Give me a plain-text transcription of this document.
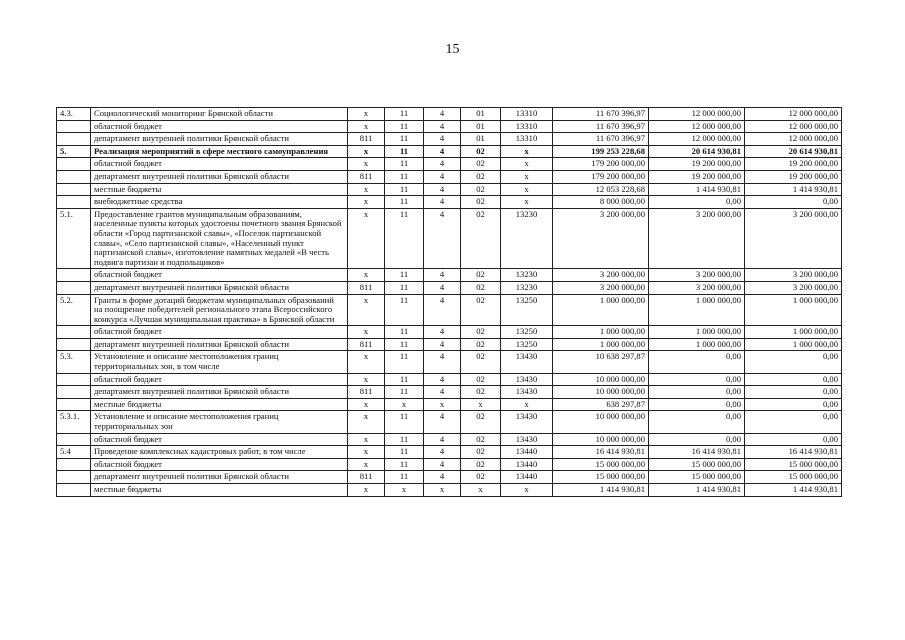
15
4.3.	Социологический мониторинг Брянской области	х	11	4	01	13310	11 670 396,97	12 000 000,00	12 000 000,00
	областной бюджет	х	11	4	01	13310	11 670 396,97	12 000 000,00	12 000 000,00
	департамент внутренней политики Брянской области	811	11	4	01	13310	11 670 396,97	12 000 000,00	12 000 000,00
5.	Реализация мероприятий в сфере местного самоуправления	х	11	4	02	х	199 253 228,68	20 614 930,81	20 614 930,81
	областной бюджет	х	11	4	02	х	179 200 000,00	19 200 000,00	19 200 000,00
	департамент внутренней политики Брянской области	811	11	4	02	х	179 200 000,00	19 200 000,00	19 200 000,00
	местные бюджеты	х	11	4	02	х	12 053 228,68	1 414 930,81	1 414 930,81
	внебюджетные средства	х	11	4	02	х	8 000 000,00	0,00	0,00
5.1.	Предоставление грантов муниципальным образованиям, населенные пункты которых удостоены почетного звания Брянской области «Город партизанской славы», «Поселок партизанской славы», «Село партизанской славы», «Населенный пункт партизанской славы», изготовление памятных медалей «В честь подвига партизан и подпольщиков»	х	11	4	02	13230	3 200 000,00	3 200 000,00	3 200 000,00
	областной бюджет	х	11	4	02	13230	3 200 000,00	3 200 000,00	3 200 000,00
	департамент внутренней политики Брянской области	811	11	4	02	13230	3 200 000,00	3 200 000,00	3 200 000,00
5.2.	Гранты в форме дотаций бюджетам муниципальных образований на поощрение победителей регионального этапа Всероссийского конкурса «Лучшая муниципальная практика» в Брянской области	х	11	4	02	13250	1 000 000,00	1 000 000,00	1 000 000,00
	областной бюджет	х	11	4	02	13250	1 000 000,00	1 000 000,00	1 000 000,00
	департамент внутренней политики Брянской области	811	11	4	02	13250	1 000 000,00	1 000 000,00	1 000 000,00
5.3.	Установление и описание местоположения границ территориальных зон, в том числе	х	11	4	02	13430	10 638 297,87	0,00	0,00
	областной бюджет	х	11	4	02	13430	10 000 000,00	0,00	0,00
	департамент внутренней политики Брянской области	811	11	4	02	13430	10 000 000,00	0,00	0,00
	местные бюджеты	х	х	х	х	х	638 297,87	0,00	0,00
5.3.1.	Установление и описание местоположения границ территориальных зон	х	11	4	02	13430	10 000 000,00	0,00	0,00
	областной бюджет	х	11	4	02	13430	10 000 000,00	0,00	0,00
5.4	Проведение комплексных кадастровых работ, в том числе	х	11	4	02	13440	16 414 930,81	16 414 930,81	16 414 930,81
	областной бюджет	х	11	4	02	13440	15 000 000,00	15 000 000,00	15 000 000,00
	департамент внутренней политики Брянской области	811	11	4	02	13440	15 000 000,00	15 000 000,00	15 000 000,00
	местные бюджеты	х	х	х	х	х	1 414 930,81	1 414 930,81	1 414 930,81
